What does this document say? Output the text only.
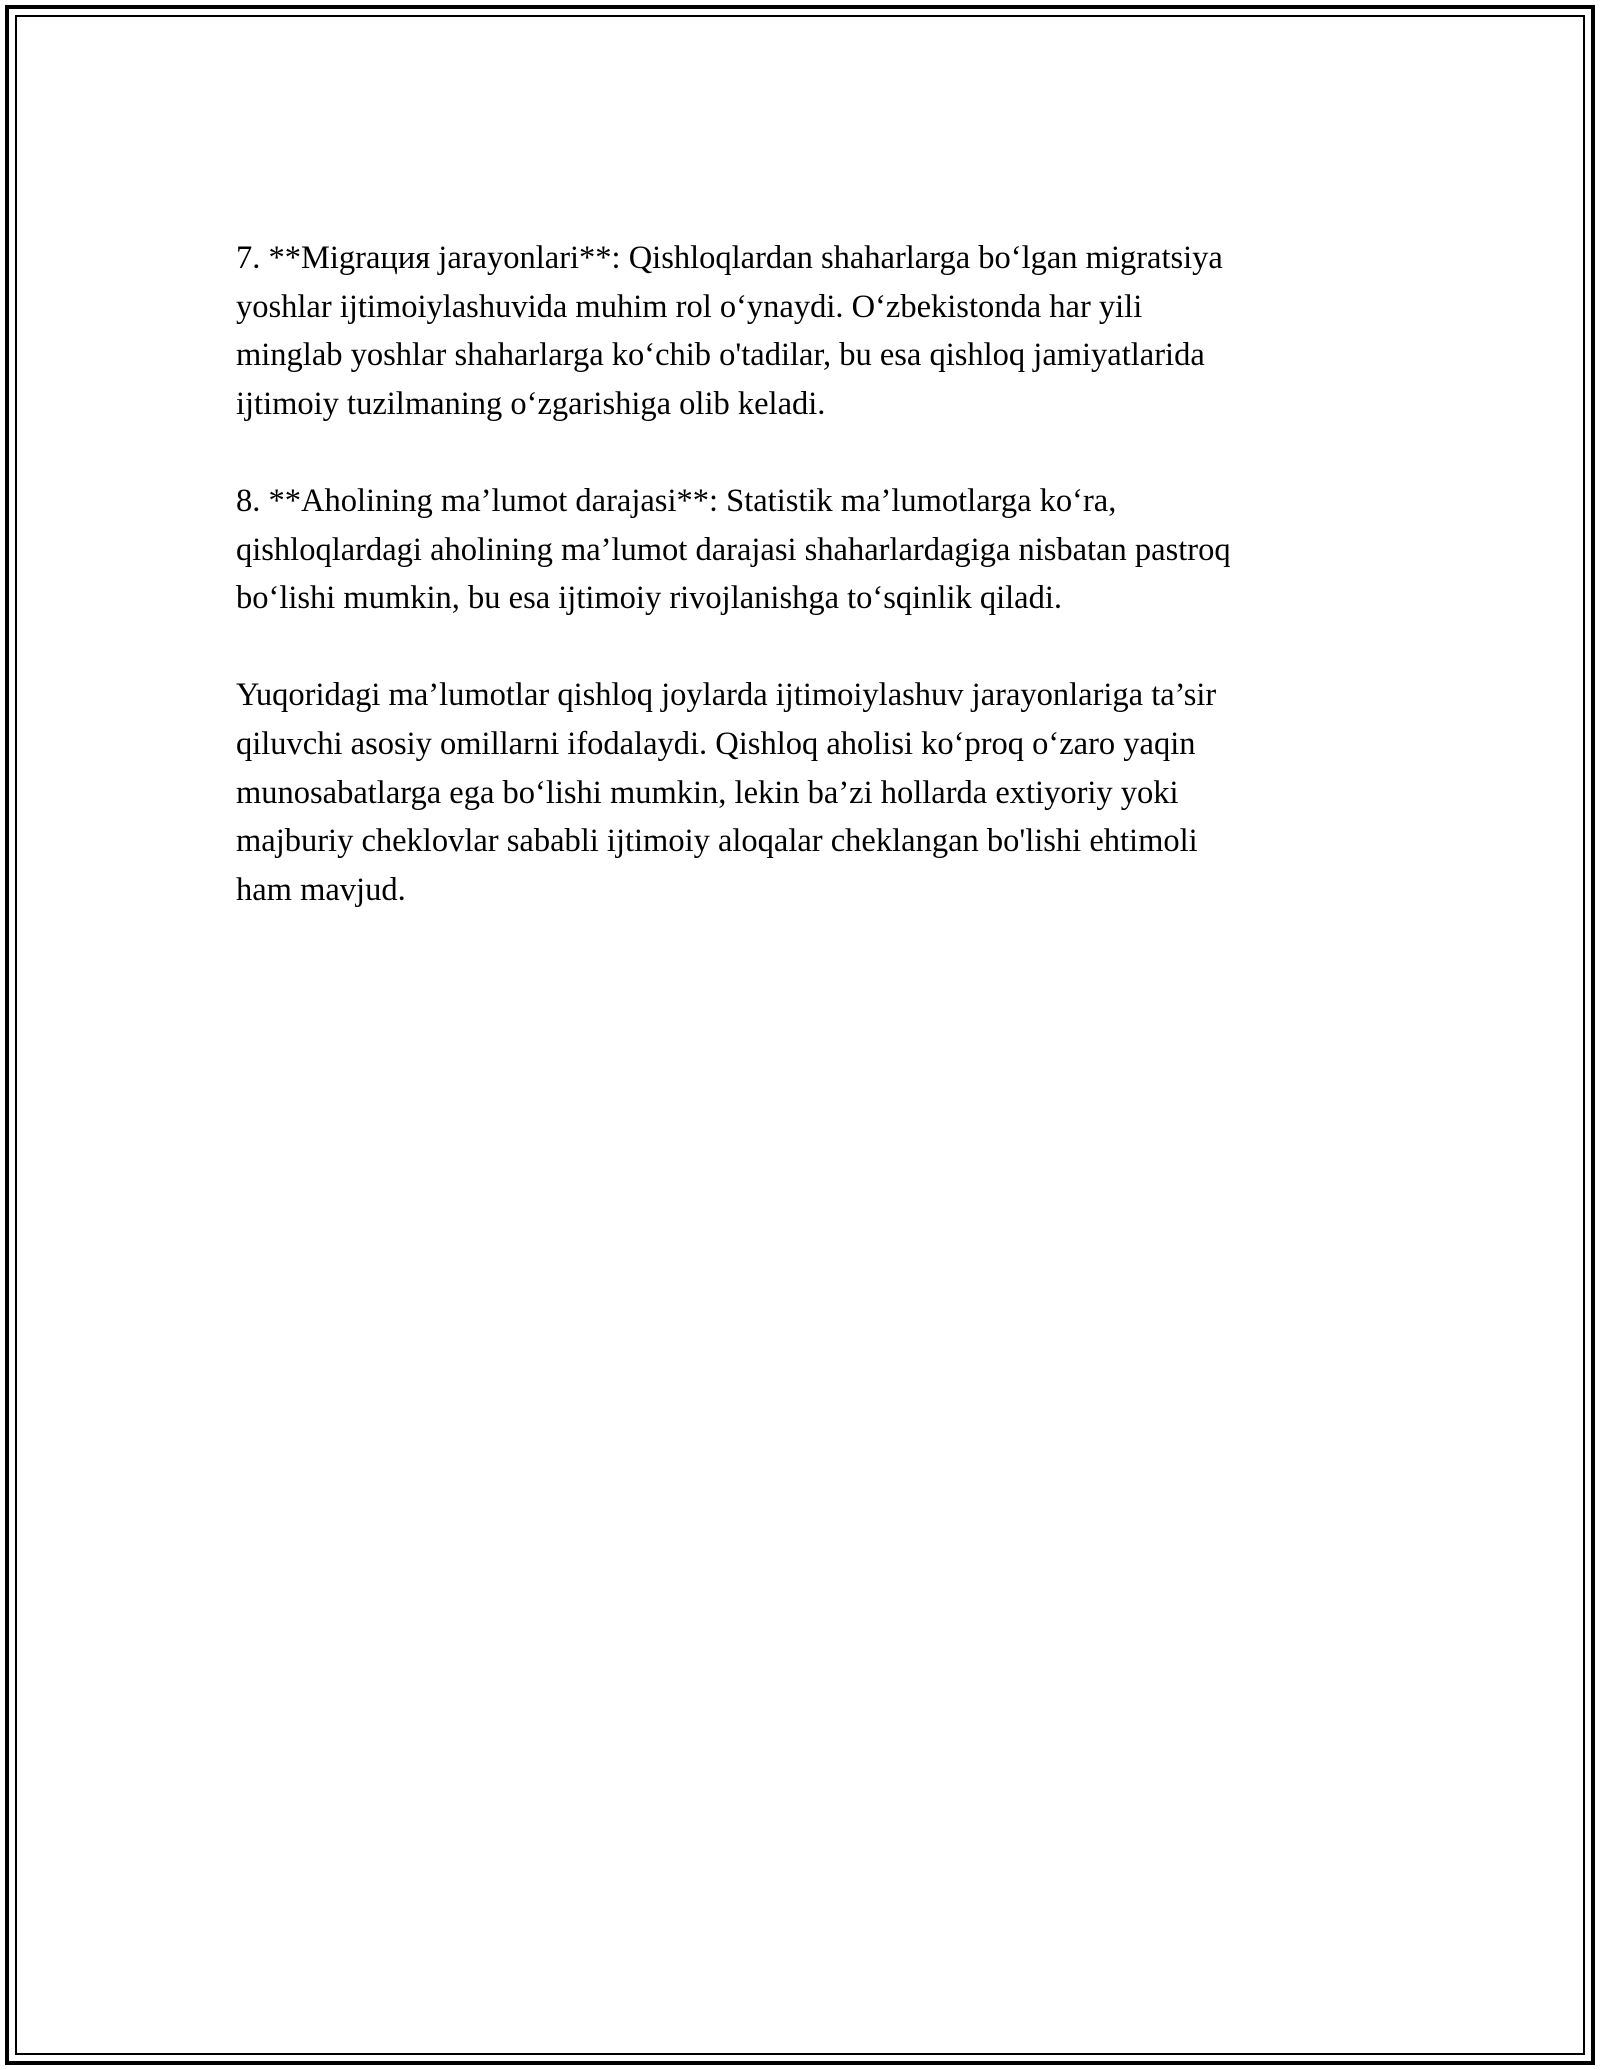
7. **Migrация jarayonlari**: Qishloqlardan shaharlarga bo‘lgan migratsiya
yoshlar ijtimoiylashuvida muhim rol o‘ynaydi. O‘zbekistonda har yili
minglab yoshlar shaharlarga ko‘chib o'tadilar, bu esa qishloq jamiyatlarida
ijtimoiy tuzilmaning o‘zgarishiga olib keladi.

8. **Aholining ma’lumot darajasi**: Statistik ma’lumotlarga ko‘ra,
qishloqlardagi aholining ma’lumot darajasi shaharlardagiga nisbatan pastroq
bo‘lishi mumkin, bu esa ijtimoiy rivojlanishga to‘sqinlik qiladi.

Yuqoridagi ma’lumotlar qishloq joylarda ijtimoiylashuv jarayonlariga ta’sir
qiluvchi asosiy omillarni ifodalaydi. Qishloq aholisi ko‘proq o‘zaro yaqin
munosabatlarga ega bo‘lishi mumkin, lekin ba’zi hollarda extiyoriy yoki
majburiy cheklovlar sababli ijtimoiy aloqalar cheklangan bo'lishi ehtimoli
ham mavjud.
